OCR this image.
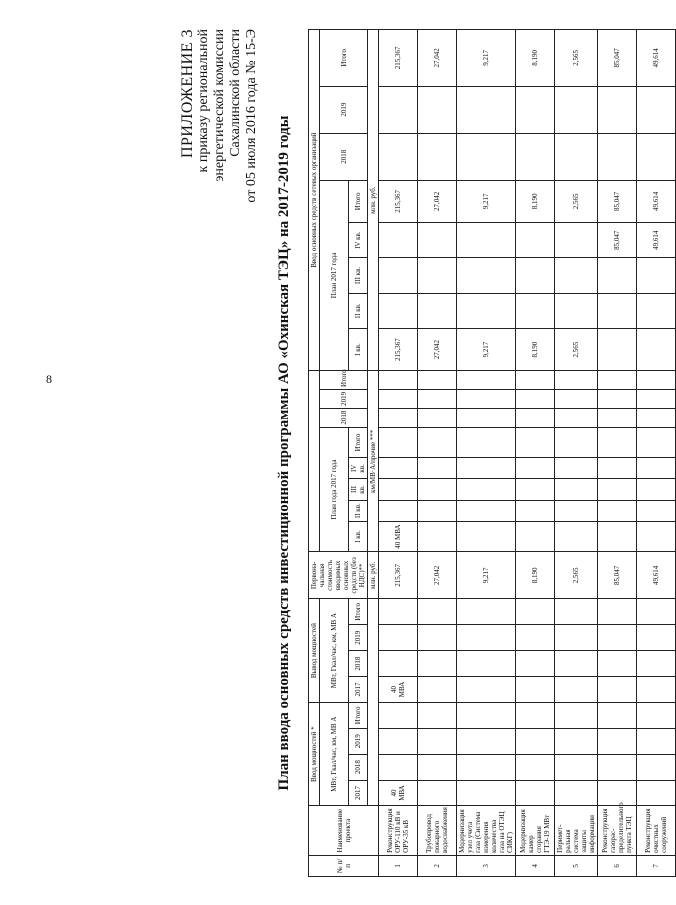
8
ПРИЛОЖЕНИЕ 3 к приказу региональной энергетической комиссии Сахалинской области от 05 июля 2016 года № 15-Э План ввода основных средств инвестиционной программы АО «Охинская ТЭЦ» на 2017-2019 годы
№ п/п	Наименование проекта	Ввод мощностей *				Вывод мощностей				Первона-чальная стоимость вводимых основных средств (без НДС)**									Ввод основных средств сетевых организаций							
		МВт, Гкал/час, км, МВ А				МВт, Гкал/час, км, МВ А					План года 2017 года					2018	2019	Итого	План 2017 года					2018	2019	Итого
		2017	2018	2019	Итого	2017	2018	2019	Итого		I кв.	II кв.	III кв.	IV кв.	Итого				I кв.	II кв.	III кв.	IV кв.	Итого			
										млн. руб.	км/МВ·А/прочие ***								млн. руб.							
1	Реконструкция ОРУ-110 кВ и ОРУ-35 кВ	40 МВА				40 МВА				215,367	40 МВА								215,367				215,367			215,367
2	Трубопровод пожарного водоснабжения									27,042									27,042				27,042			27,042
3	Модернизация узел учета газа (Система измерения количества газа на ОТЭЦ СИКГ)									9,217									9,217				9,217			9,217
4	Модернизация камер сгорания ГТЭ-19 МВт									8,190									8,190				8,190			8,190
5	Перимет-ральная система защиты информации									2,565									2,565				2,565			2,565
6	Реконструкция газорас-пределительного пункта ТЭЦ									85,047												85,047	85,047			85,047
7	Реконструкция очистных сооружений									49,614												49,614	49,614			49,614
